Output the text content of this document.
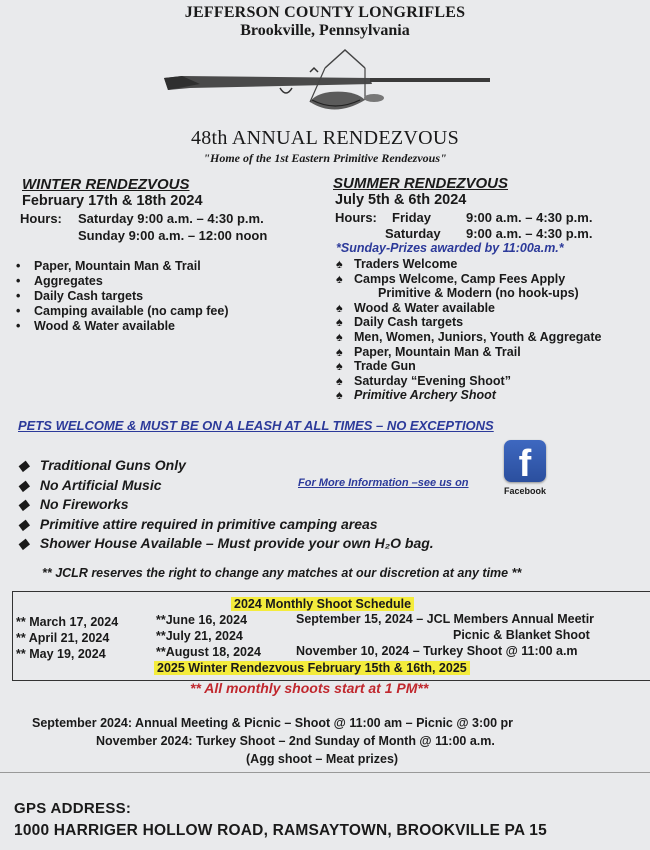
JEFFERSON COUNTY LONGRIFLES
Brookville, Pennsylvania
48th ANNUAL RENDEZVOUS
"Home of the 1st Eastern Primitive Rendezvous"
WINTER RENDEZVOUS
February 17th & 18th 2024
Hours: Saturday 9:00 a.m. – 4:30 p.m.
Sunday 9:00 a.m. – 12:00 noon
• Paper, Mountain Man & Trail
• Aggregates
• Daily Cash targets
• Camping available (no camp fee)
• Wood & Water available
SUMMER RENDEZVOUS
July 5th & 6th 2024
Hours: Friday	9:00 a.m. – 4:30 p.m.
Saturday 9:00 a.m. – 4:30 p.m.
*Sunday-Prizes awarded by 11:00a.m.*
♠ Traders Welcome
♠ Camps Welcome, Camp Fees Apply
Primitive & Modern (no hook-ups)
♠ Wood & Water available
♠ Daily Cash targets
♠ Men, Women, Juniors, Youth & Aggregate
♠ Paper, Mountain Man & Trail
♠ Trade Gun
♠ Saturday “Evening Shoot”
♠ Primitive Archery Shoot
PETS WELCOME & MUST BE ON A LEASH AT ALL TIMES – NO EXCEPTIONS
◆ Traditional Guns Only
◆ No Artificial Music
◆ No Fireworks
◆ Primitive attire required in primitive camping areas
◆ Shower House Available – Must provide your own H₂O bag.
For More Information –see us on	f
Facebook
** JCLR reserves the right to change any matches at our discretion at any time **
2024 Monthly Shoot Schedule
** March 17, 2024
** April 21, 2024
** May 19, 2024
**June 16, 2024
**July 21, 2024
**August 18, 2024
September 15, 2024 – JCL Members Annual Meetir
Picnic & Blanket Shoot
November 10, 2024 – Turkey Shoot @ 11:00 a.m
2025 Winter Rendezvous February 15th & 16th, 2025
** All monthly shoots start at 1 PM**
September 2024: Annual Meeting & Picnic – Shoot @ 11:00 am – Picnic @ 3:00 pr
November 2024: Turkey Shoot – 2nd Sunday of Month @ 11:00 a.m.
(Agg shoot – Meat prizes)
GPS ADDRESS:
1000 HARRIGER HOLLOW ROAD, RAMSAYTOWN, BROOKVILLE PA 15
